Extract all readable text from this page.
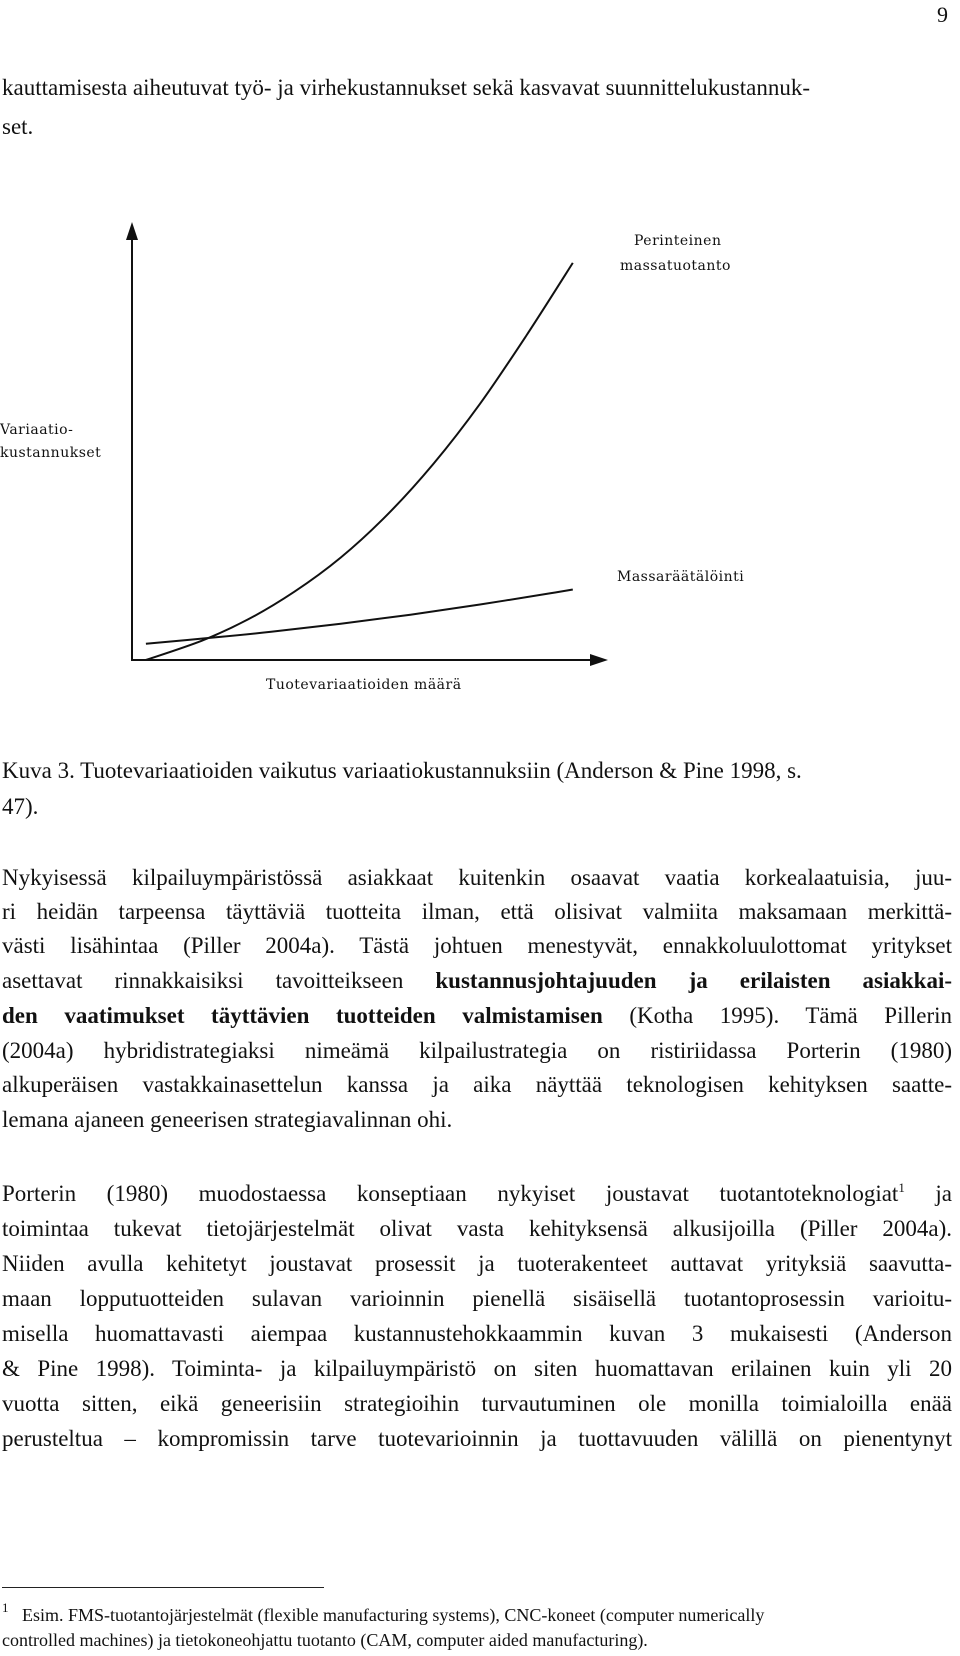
9
kauttamisesta aiheutuvat työ- ja virhekustannukset sekä kasvavat suunnittelukustannuk-
set.
Perinteinen
massatuotanto
Variaatio-
kustannukset
Massaräätälöinti
Tuotevariaatioiden määrä
Kuva 3. Tuotevariaatioiden vaikutus variaatiokustannuksiin (Anderson & Pine 1998, s.
47).
Nykyisessä kilpailuympäristössä asiakkaat kuitenkin osaavat vaatia korkealaatuisia, juu-
ri heidän tarpeensa täyttäviä tuotteita ilman, että olisivat valmiita maksamaan merkittä-
västi lisähintaa (Piller 2004a). Tästä johtuen menestyvät, ennakkoluulottomat yritykset
asettavat rinnakkaisiksi tavoitteikseen kustannusjohtajuuden ja erilaisten asiakkai-
den vaatimukset täyttävien tuotteiden valmistamisen (Kotha 1995). Tämä Pillerin
(2004a) hybridistrategiaksi nimeämä kilpailustrategia on ristiriidassa Porterin (1980)
alkuperäisen vastakkainasettelun kanssa ja aika näyttää teknologisen kehityksen saatte-
lemana ajaneen geneerisen strategiavalinnan ohi.
Porterin (1980) muodostaessa konseptiaan nykyiset joustavat tuotantoteknologiat$^1$ ja
toimintaa tukevat tietojärjestelmät olivat vasta kehityksensä alkusijoilla (Piller 2004a).
Niiden avulla kehitetyt joustavat prosessit ja tuoterakenteet auttavat yrityksiä saavutta-
maan lopputuotteiden sulavan varioinnin pienellä sisäisellä tuotantoprosessin varioitu-
misella huomattavasti aiempaa kustannustehokkaammin kuvan 3 mukaisesti (Anderson
& Pine 1998). Toiminta- ja kilpailuympäristö on siten huomattavan erilainen kuin yli 20
vuotta sitten, eikä geneerisiin strategioihin turvautuminen ole monilla toimialoilla enää
perusteltua – kompromissin tarve tuotevarioinnin ja tuottavuuden välillä on pienentynyt
$^1$ Esim. FMS-tuotantojärjestelmät (flexible manufacturing systems), CNC-koneet (computer numerically
controlled machines) ja tietokoneohjattu tuotanto (CAM, computer aided manufacturing).
